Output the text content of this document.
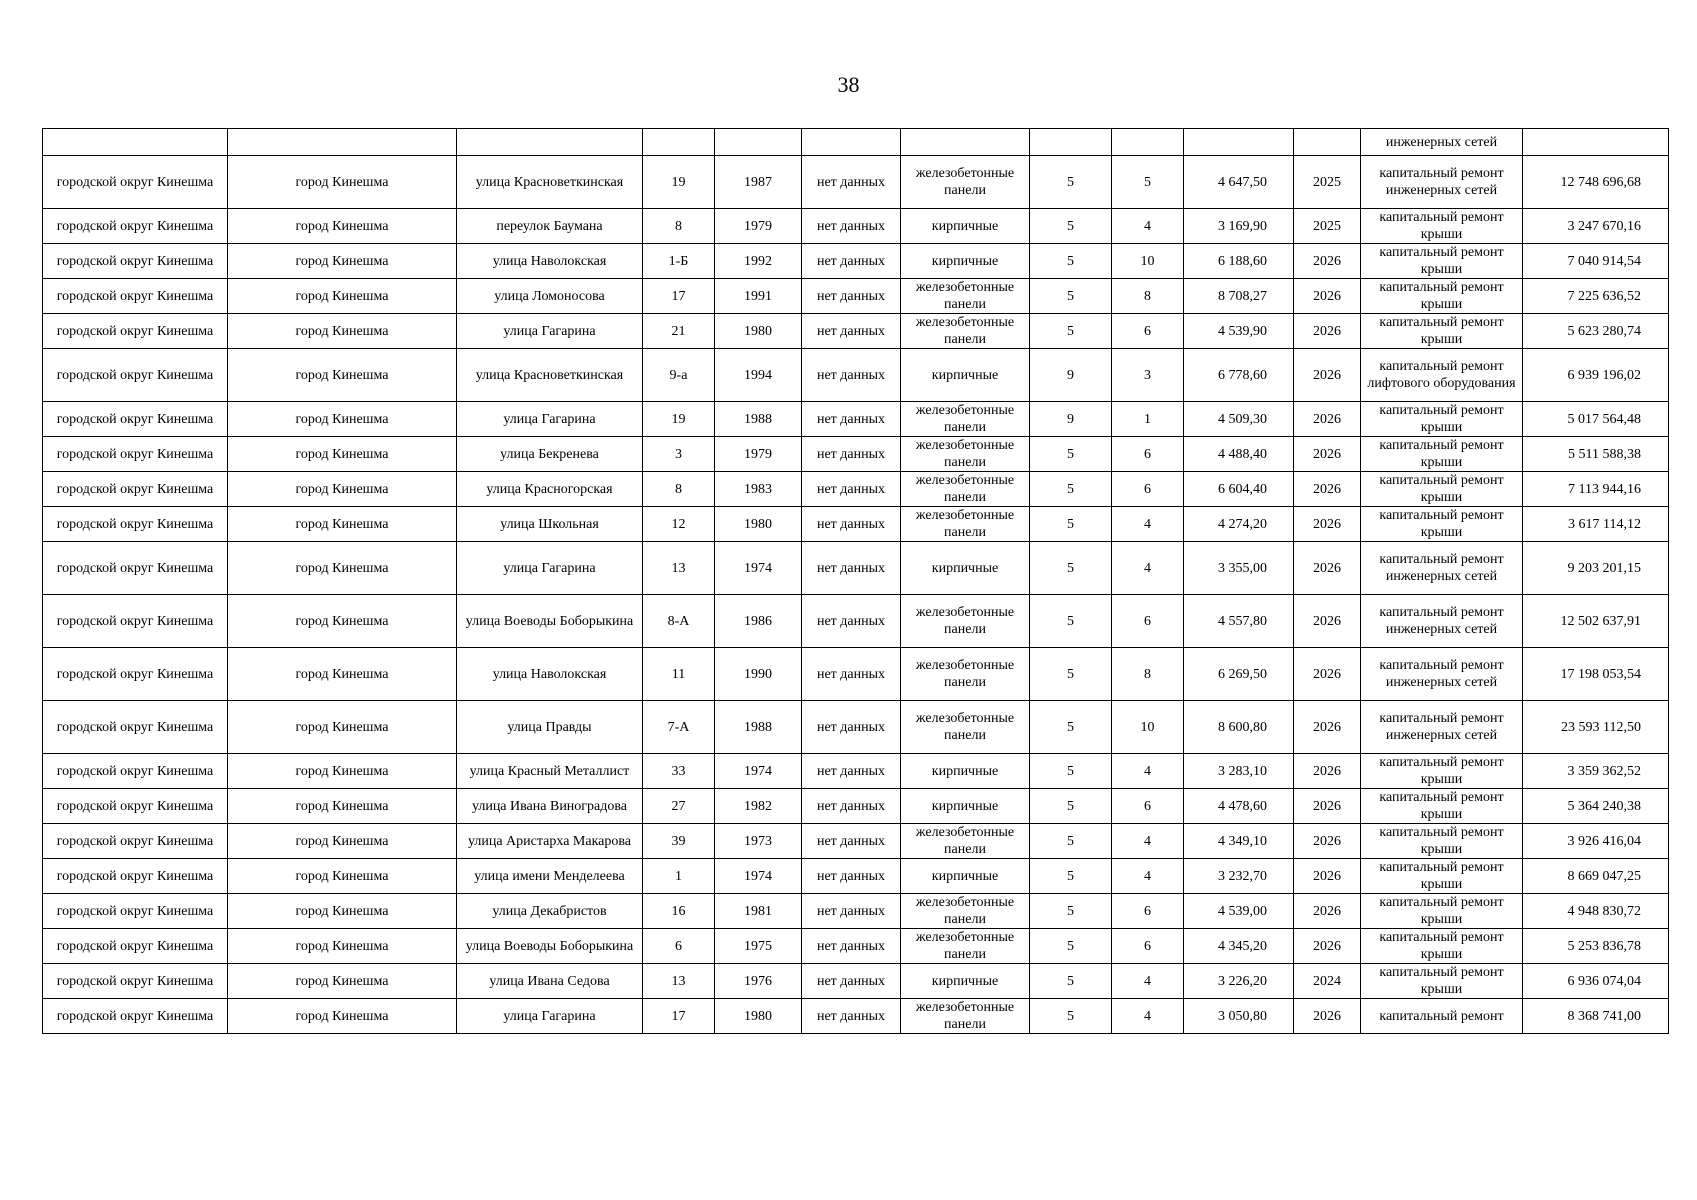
38
											инженерных сетей	
городской округ Кинешма	город Кинешма	улица Красноветкинская	19	1987	нет данных	железобетонные панели	5	5	4 647,50	2025	капитальный ремонт инженерных сетей	12 748 696,68
городской округ Кинешма	город Кинешма	переулок Баумана	8	1979	нет данных	кирпичные	5	4	3 169,90	2025	капитальный ремонт крыши	3 247 670,16
городской округ Кинешма	город Кинешма	улица Наволокская	1-Б	1992	нет данных	кирпичные	5	10	6 188,60	2026	капитальный ремонт крыши	7 040 914,54
городской округ Кинешма	город Кинешма	улица Ломоносова	17	1991	нет данных	железобетонные панели	5	8	8 708,27	2026	капитальный ремонт крыши	7 225 636,52
городской округ Кинешма	город Кинешма	улица Гагарина	21	1980	нет данных	железобетонные панели	5	6	4 539,90	2026	капитальный ремонт крыши	5 623 280,74
городской округ Кинешма	город Кинешма	улица Красноветкинская	9-а	1994	нет данных	кирпичные	9	3	6 778,60	2026	капитальный ремонт лифтового оборудования	6 939 196,02
городской округ Кинешма	город Кинешма	улица Гагарина	19	1988	нет данных	железобетонные панели	9	1	4 509,30	2026	капитальный ремонт крыши	5 017 564,48
городской округ Кинешма	город Кинешма	улица Бекренева	3	1979	нет данных	железобетонные панели	5	6	4 488,40	2026	капитальный ремонт крыши	5 511 588,38
городской округ Кинешма	город Кинешма	улица Красногорская	8	1983	нет данных	железобетонные панели	5	6	6 604,40	2026	капитальный ремонт крыши	7 113 944,16
городской округ Кинешма	город Кинешма	улица Школьная	12	1980	нет данных	железобетонные панели	5	4	4 274,20	2026	капитальный ремонт крыши	3 617 114,12
городской округ Кинешма	город Кинешма	улица Гагарина	13	1974	нет данных	кирпичные	5	4	3 355,00	2026	капитальный ремонт инженерных сетей	9 203 201,15
городской округ Кинешма	город Кинешма	улица Воеводы Боборыкина	8-А	1986	нет данных	железобетонные панели	5	6	4 557,80	2026	капитальный ремонт инженерных сетей	12 502 637,91
городской округ Кинешма	город Кинешма	улица Наволокская	11	1990	нет данных	железобетонные панели	5	8	6 269,50	2026	капитальный ремонт инженерных сетей	17 198 053,54
городской округ Кинешма	город Кинешма	улица Правды	7-А	1988	нет данных	железобетонные панели	5	10	8 600,80	2026	капитальный ремонт инженерных сетей	23 593 112,50
городской округ Кинешма	город Кинешма	улица Красный Металлист	33	1974	нет данных	кирпичные	5	4	3 283,10	2026	капитальный ремонт крыши	3 359 362,52
городской округ Кинешма	город Кинешма	улица Ивана Виноградова	27	1982	нет данных	кирпичные	5	6	4 478,60	2026	капитальный ремонт крыши	5 364 240,38
городской округ Кинешма	город Кинешма	улица Аристарха Макарова	39	1973	нет данных	железобетонные панели	5	4	4 349,10	2026	капитальный ремонт крыши	3 926 416,04
городской округ Кинешма	город Кинешма	улица имени Менделеева	1	1974	нет данных	кирпичные	5	4	3 232,70	2026	капитальный ремонт крыши	8 669 047,25
городской округ Кинешма	город Кинешма	улица Декабристов	16	1981	нет данных	железобетонные панели	5	6	4 539,00	2026	капитальный ремонт крыши	4 948 830,72
городской округ Кинешма	город Кинешма	улица Воеводы Боборыкина	6	1975	нет данных	железобетонные панели	5	6	4 345,20	2026	капитальный ремонт крыши	5 253 836,78
городской округ Кинешма	город Кинешма	улица Ивана Седова	13	1976	нет данных	кирпичные	5	4	3 226,20	2024	капитальный ремонт крыши	6 936 074,04
городской округ Кинешма	город Кинешма	улица Гагарина	17	1980	нет данных	железобетонные панели	5	4	3 050,80	2026	капитальный ремонт	8 368 741,00
